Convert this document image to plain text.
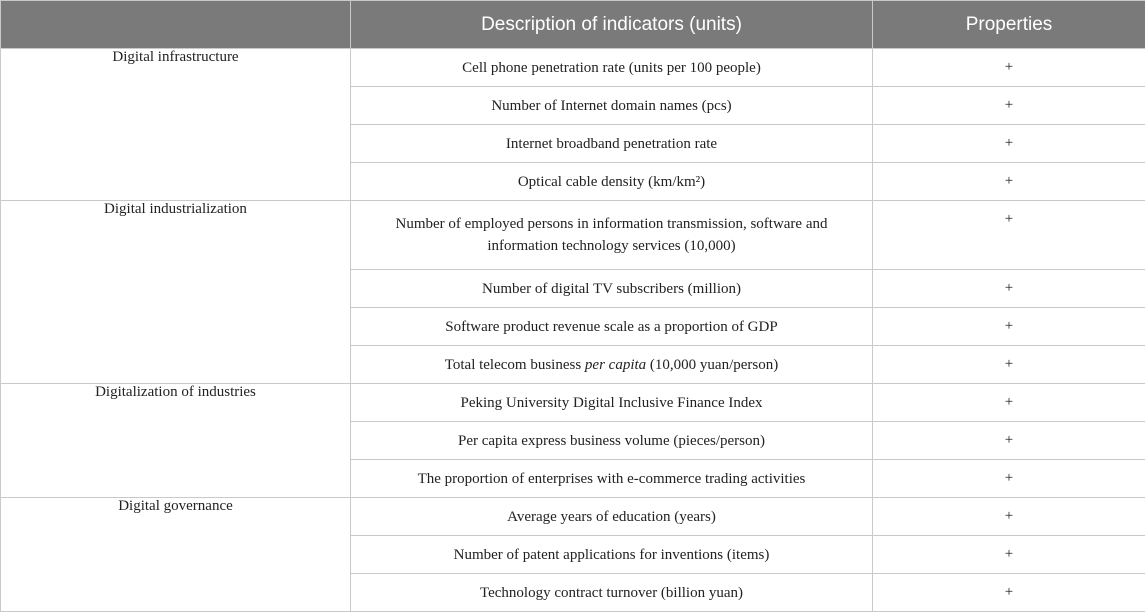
	Description of indicators (units)	Properties
Digital infrastructure	Cell phone penetration rate (units per 100 people)	+
	Number of Internet domain names (pcs)	+
	Internet broadband penetration rate	+
	Optical cable density (km/km²)	+
Digital industrialization	Number of employed persons in information transmission, software and information technology services (10,000)	+
	Number of digital TV subscribers (million)	+
	Software product revenue scale as a proportion of GDP	+
	Total telecom business per capita (10,000 yuan/person)	+
Digitalization of industries	Peking University Digital Inclusive Finance Index	+
	Per capita express business volume (pieces/person)	+
	The proportion of enterprises with e-commerce trading activities	+
Digital governance	Average years of education (years)	+
	Number of patent applications for inventions (items)	+
	Technology contract turnover (billion yuan)	+
